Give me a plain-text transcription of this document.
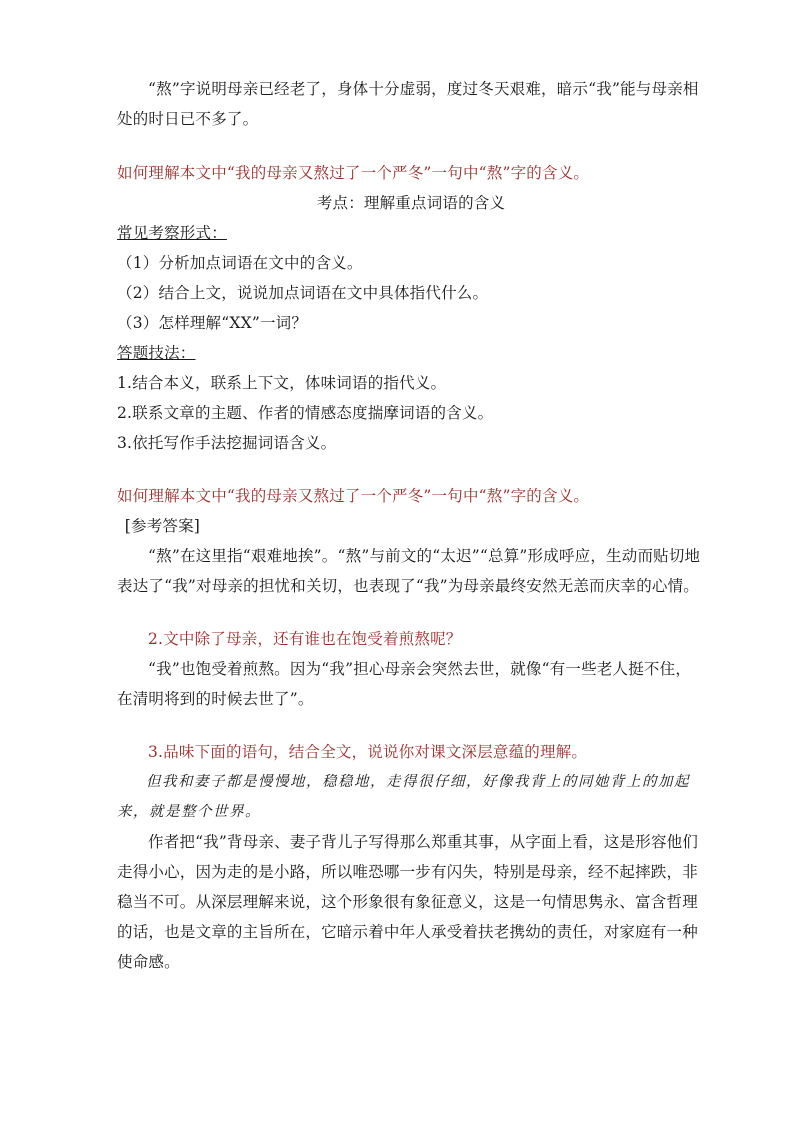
“熬”字说明母亲已经老了，身体十分虚弱，度过冬天艰难，暗示“我”能与母亲相处的时日已不多了。

如何理解本文中“我的母亲又熬过了一个严冬”一句中“熬”字的含义。

考点：理解重点词语的含义

常见考察形式：

（1）分析加点词语在文中的含义。

（2）结合上文，说说加点词语在文中具体指代什么。

（3）怎样理解“XX”一词？

答题技法：

1.结合本义，联系上下文，体味词语的指代义。

2.联系文章的主题、作者的情感态度揣摩词语的含义。

3.依托写作手法挖掘词语含义。

如何理解本文中“我的母亲又熬过了一个严冬”一句中“熬”字的含义。

[参考答案]

“熬”在这里指“艰难地挨”。“熬”与前文的“太迟”“总算”形成呼应，生动而贴切地表达了“我”对母亲的担忧和关切，也表现了“我”为母亲最终安然无恙而庆幸的心情。

2.文中除了母亲，还有谁也在饱受着煎熬呢？

“我”也饱受着煎熬。因为“我”担心母亲会突然去世，就像“有一些老人挺不住，在清明将到的时候去世了”。

3.品味下面的语句，结合全文，说说你对课文深层意蕴的理解。

但我和妻子都是慢慢地，稳稳地，走得很仔细，好像我背上的同她背上的加起来，就是整个世界。

作者把“我”背母亲、妻子背儿子写得那么郑重其事，从字面上看，这是形容他们走得小心，因为走的是小路，所以唯恐哪一步有闪失，特别是母亲，经不起摔跌，非稳当不可。从深层理解来说，这个形象很有象征意义，这是一句情思隽永、富含哲理的话，也是文章的主旨所在，它暗示着中年人承受着扶老携幼的责任，对家庭有一种使命感。
